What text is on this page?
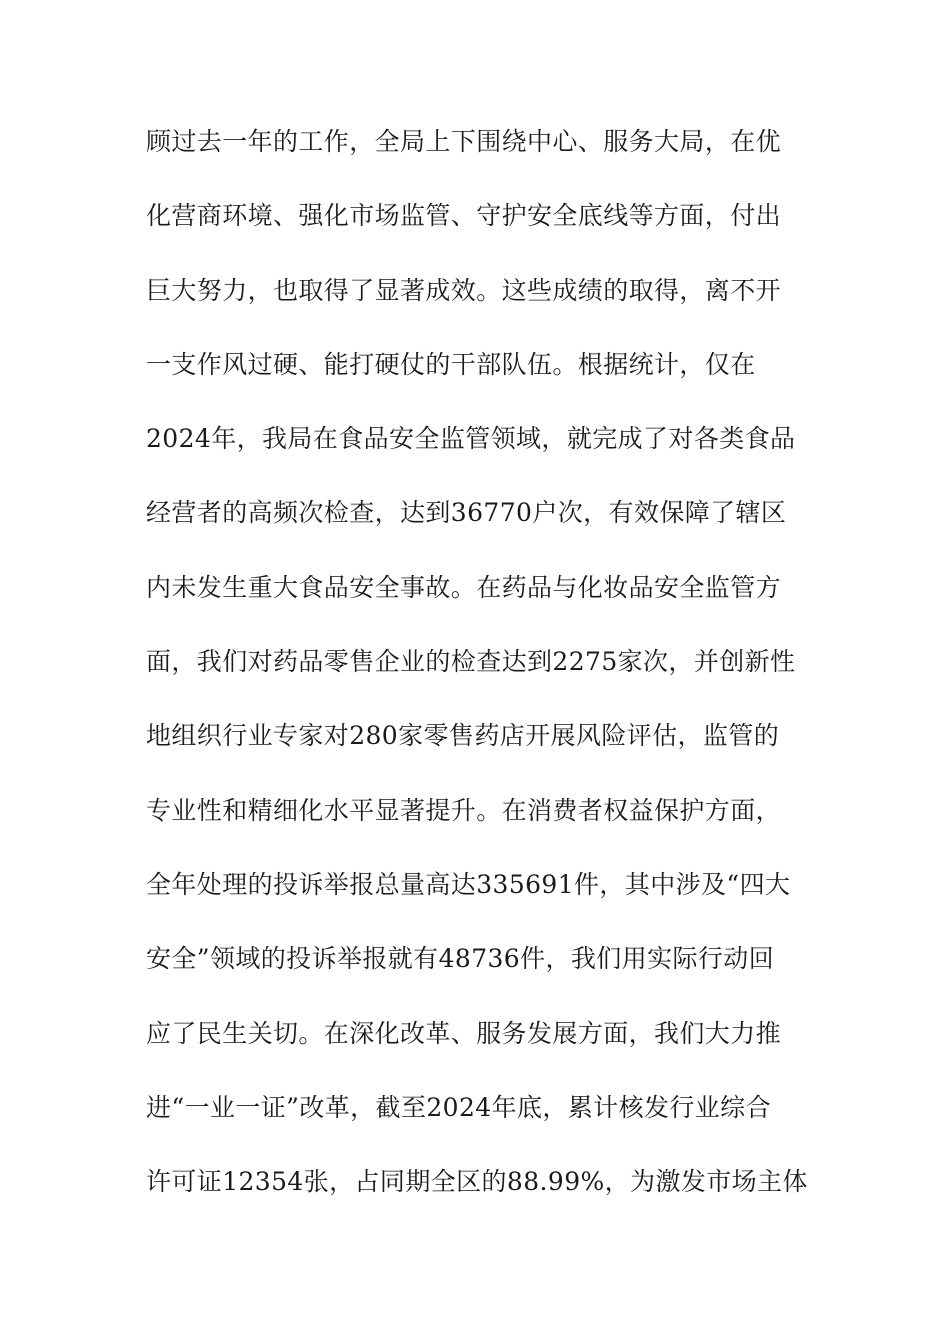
顾过去一年的工作，全局上下围绕中心、服务大局，在优
化营商环境、强化市场监管、守护安全底线等方面，付出
巨大努力，也取得了显著成效。这些成绩的取得，离不开
一支作风过硬、能打硬仗的干部队伍。根据统计，仅在
2024年，我局在食品安全监管领域，就完成了对各类食品
经营者的高频次检查，达到36770户次，有效保障了辖区
内未发生重大食品安全事故。在药品与化妆品安全监管方
面，我们对药品零售企业的检查达到2275家次，并创新性
地组织行业专家对280家零售药店开展风险评估，监管的
专业性和精细化水平显著提升。在消费者权益保护方面，
全年处理的投诉举报总量高达335691件，其中涉及“四大
安全”领域的投诉举报就有48736件，我们用实际行动回
应了民生关切。在深化改革、服务发展方面，我们大力推
进“一业一证”改革，截至2024年底，累计核发行业综合
许可证12354张，占同期全区的88.99%，为激发市场主体
